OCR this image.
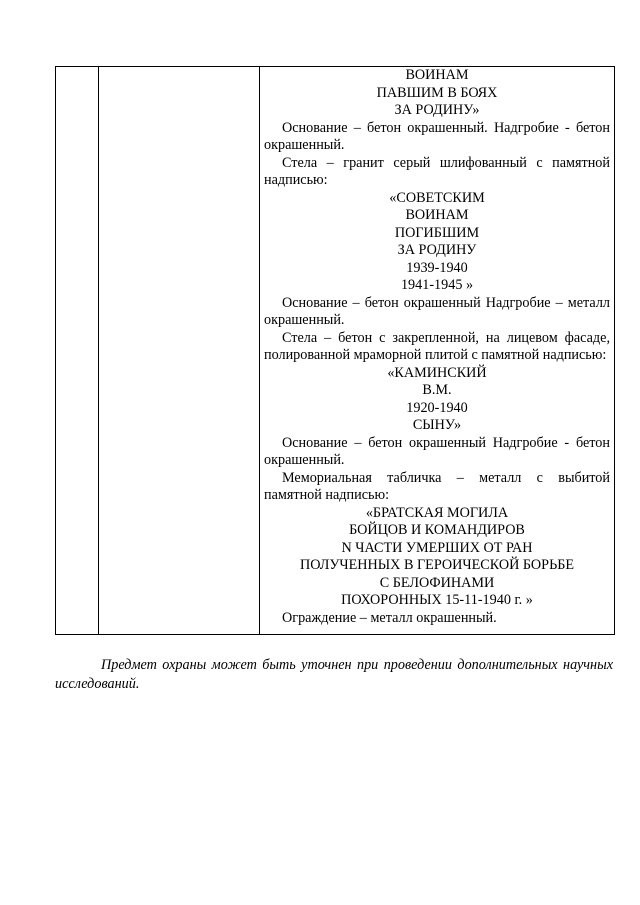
ВОИНАМ
ПАВШИМ В БОЯХ
ЗА РОДИНУ»

Основание – бетон окрашенный. Надгробие - бетон окрашенный.

Стела – гранит серый шлифованный с памятной надписью:

«СОВЕТСКИМ
ВОИНАМ
ПОГИБШИМ
ЗА РОДИНУ
1939-1940
1941-1945 »

Основание – бетон окрашенный Надгробие – металл окрашенный.

Стела – бетон с закрепленной, на лицевом фасаде, полированной мраморной плитой с памятной надписью:

«КАМИНСКИЙ
В.М.
1920-1940
СЫНУ»

Основание – бетон окрашенный Надгробие - бетон окрашенный.

Мемориальная табличка – металл с выбитой памятной надписью:

«БРАТСКАЯ МОГИЛА
БОЙЦОВ И КОМАНДИРОВ
N ЧАСТИ УМЕРШИХ ОТ РАН
ПОЛУЧЕННЫХ В ГЕРОИЧЕСКОЙ БОРЬБЕ
С БЕЛОФИНАМИ
ПОХОРОННЫХ 15-11-1940 г. »

Ограждение – металл окрашенный.

Предмет охраны может быть уточнен при проведении дополнительных научных исследований.
